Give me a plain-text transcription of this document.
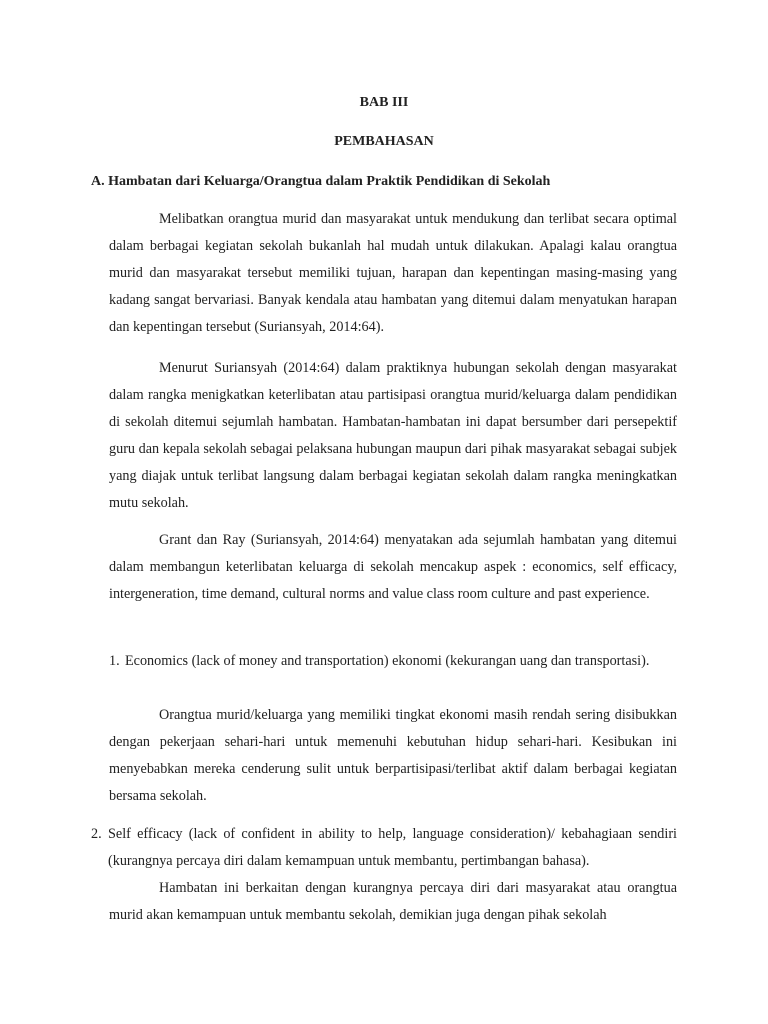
BAB III

PEMBAHASAN

A. Hambatan dari Keluarga/Orangtua dalam Praktik Pendidikan di Sekolah

Melibatkan orangtua murid dan masyarakat untuk mendukung dan terlibat secara optimal dalam berbagai kegiatan sekolah bukanlah hal mudah untuk dilakukan. Apalagi kalau orangtua murid dan masyarakat tersebut memiliki tujuan, harapan dan kepentingan masing-masing yang kadang sangat bervariasi. Banyak kendala atau hambatan yang ditemui dalam menyatukan harapan dan kepentingan tersebut (Suriansyah, 2014:64).

Menurut Suriansyah (2014:64) dalam praktiknya hubungan sekolah dengan masyarakat dalam rangka menigkatkan keterlibatan atau partisipasi orangtua murid/keluarga dalam pendidikan di sekolah ditemui sejumlah hambatan. Hambatan-hambatan ini dapat bersumber dari persepektif guru dan kepala sekolah sebagai pelaksana hubungan maupun dari pihak masyarakat sebagai subjek yang diajak untuk terlibat langsung dalam berbagai kegiatan sekolah dalam rangka meningkatkan mutu sekolah.

Grant dan Ray (Suriansyah, 2014:64) menyatakan ada sejumlah hambatan yang ditemui dalam membangun keterlibatan keluarga di sekolah mencakup aspek : economics, self efficacy, intergeneration, time demand, cultural norms and value class room culture and past experience.

1. Economics (lack of money and transportation) ekonomi (kekurangan uang dan transportasi).

Orangtua murid/keluarga yang memiliki tingkat ekonomi masih rendah sering disibukkan dengan pekerjaan sehari-hari untuk memenuhi kebutuhan hidup sehari-hari. Kesibukan ini menyebabkan mereka cenderung sulit untuk berpartisipasi/terlibat aktif dalam berbagai kegiatan bersama sekolah.

2. Self efficacy (lack of confident in ability to help, language consideration)/ kebahagiaan sendiri (kurangnya percaya diri dalam kemampuan untuk membantu, pertimbangan bahasa).

Hambatan ini berkaitan dengan kurangnya percaya diri dari masyarakat atau orangtua murid akan kemampuan untuk membantu sekolah, demikian juga dengan pihak sekolah
